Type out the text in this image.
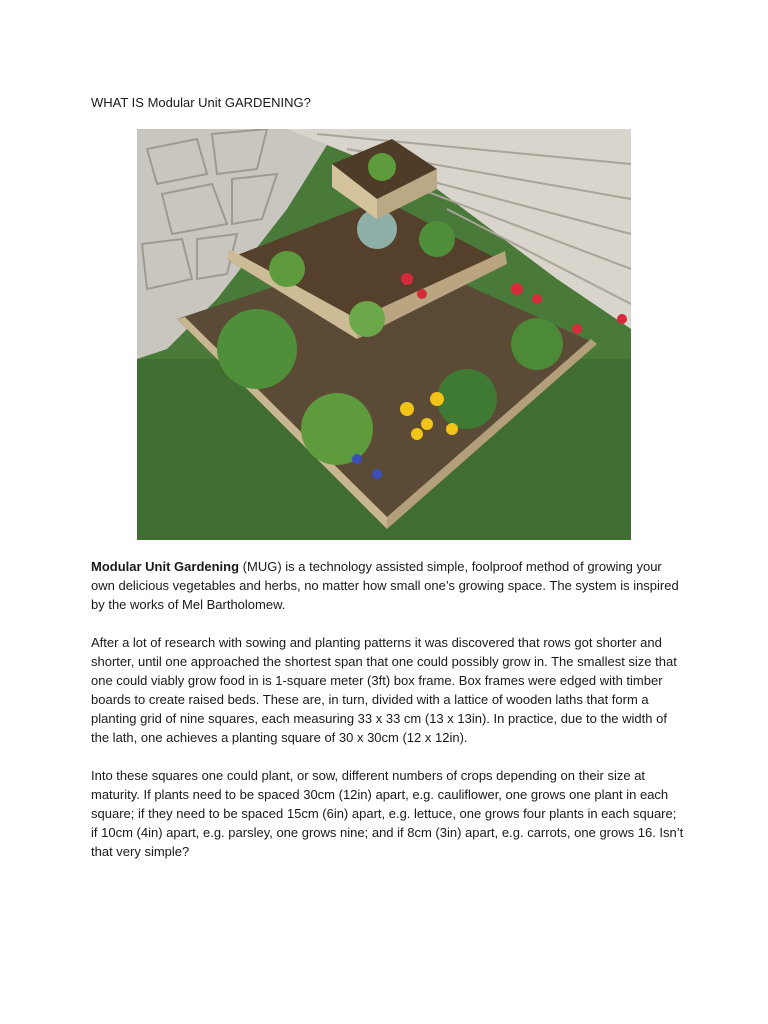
WHAT IS Modular Unit GARDENING?

Modular Unit Gardening (MUG) is a technology assisted simple, foolproof method of growing your own delicious vegetables and herbs, no matter how small one’s growing space. The system is inspired by the works of Mel Bartholomew.

After a lot of research with sowing and planting patterns it was discovered that rows got shorter and shorter, until one approached the shortest span that one could possibly grow in. The smallest size that one could viably grow food in is 1-square meter (3ft) box frame. Box frames were edged with timber boards to create raised beds. These are, in turn, divided with a lattice of wooden laths that form a planting grid of nine squares, each measuring 33 x 33 cm (13 x 13in). In practice, due to the width of the lath, one achieves a planting square of 30 x 30cm (12 x 12in).

Into these squares one could plant, or sow, different numbers of crops depending on their size at maturity. If plants need to be spaced 30cm (12in) apart, e.g. cauliflower, one grows one plant in each square; if they need to be spaced 15cm (6in) apart, e.g. lettuce, one grows four plants in each square; if 10cm (4in) apart, e.g. parsley, one grows nine; and if 8cm (3in) apart, e.g. carrots, one grows 16. Isn’t that very simple?
